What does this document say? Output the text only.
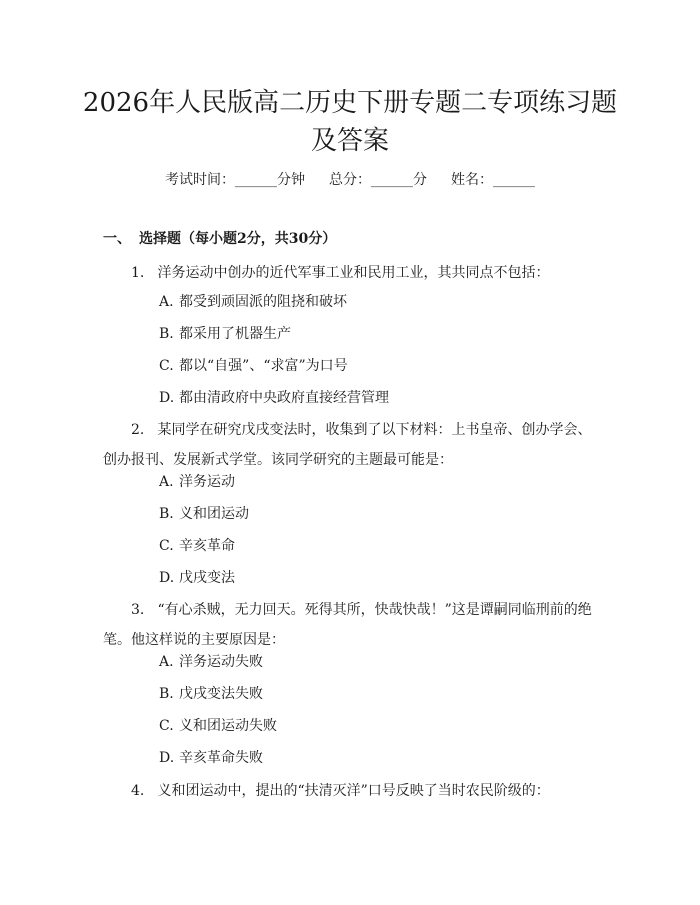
2026年人民版高二历史下册专题二专项练习题及答案
考试时间：______分钟 总分：______分 姓名：______
一、 选择题（每小题2分，共30分）
1. 洋务运动中创办的近代军事工业和民用工业，其共同点不包括：
A. 都受到顽固派的阻挠和破坏
B. 都采用了机器生产
C. 都以“自强”、“求富”为口号
D. 都由清政府中央政府直接经营管理
2. 某同学在研究戊戌变法时，收集到了以下材料：上书皇帝、创办学会、创办报刊、发展新式学堂。该同学研究的主题最可能是：
A. 洋务运动
B. 义和团运动
C. 辛亥革命
D. 戊戌变法
3. “有心杀贼，无力回天。死得其所，快哉快哉！”这是谭嗣同临刑前的绝笔。他这样说的主要原因是：
A. 洋务运动失败
B. 戊戌变法失败
C. 义和团运动失败
D. 辛亥革命失败
4. 义和团运动中，提出的“扶清灭洋”口号反映了当时农民阶级的：
